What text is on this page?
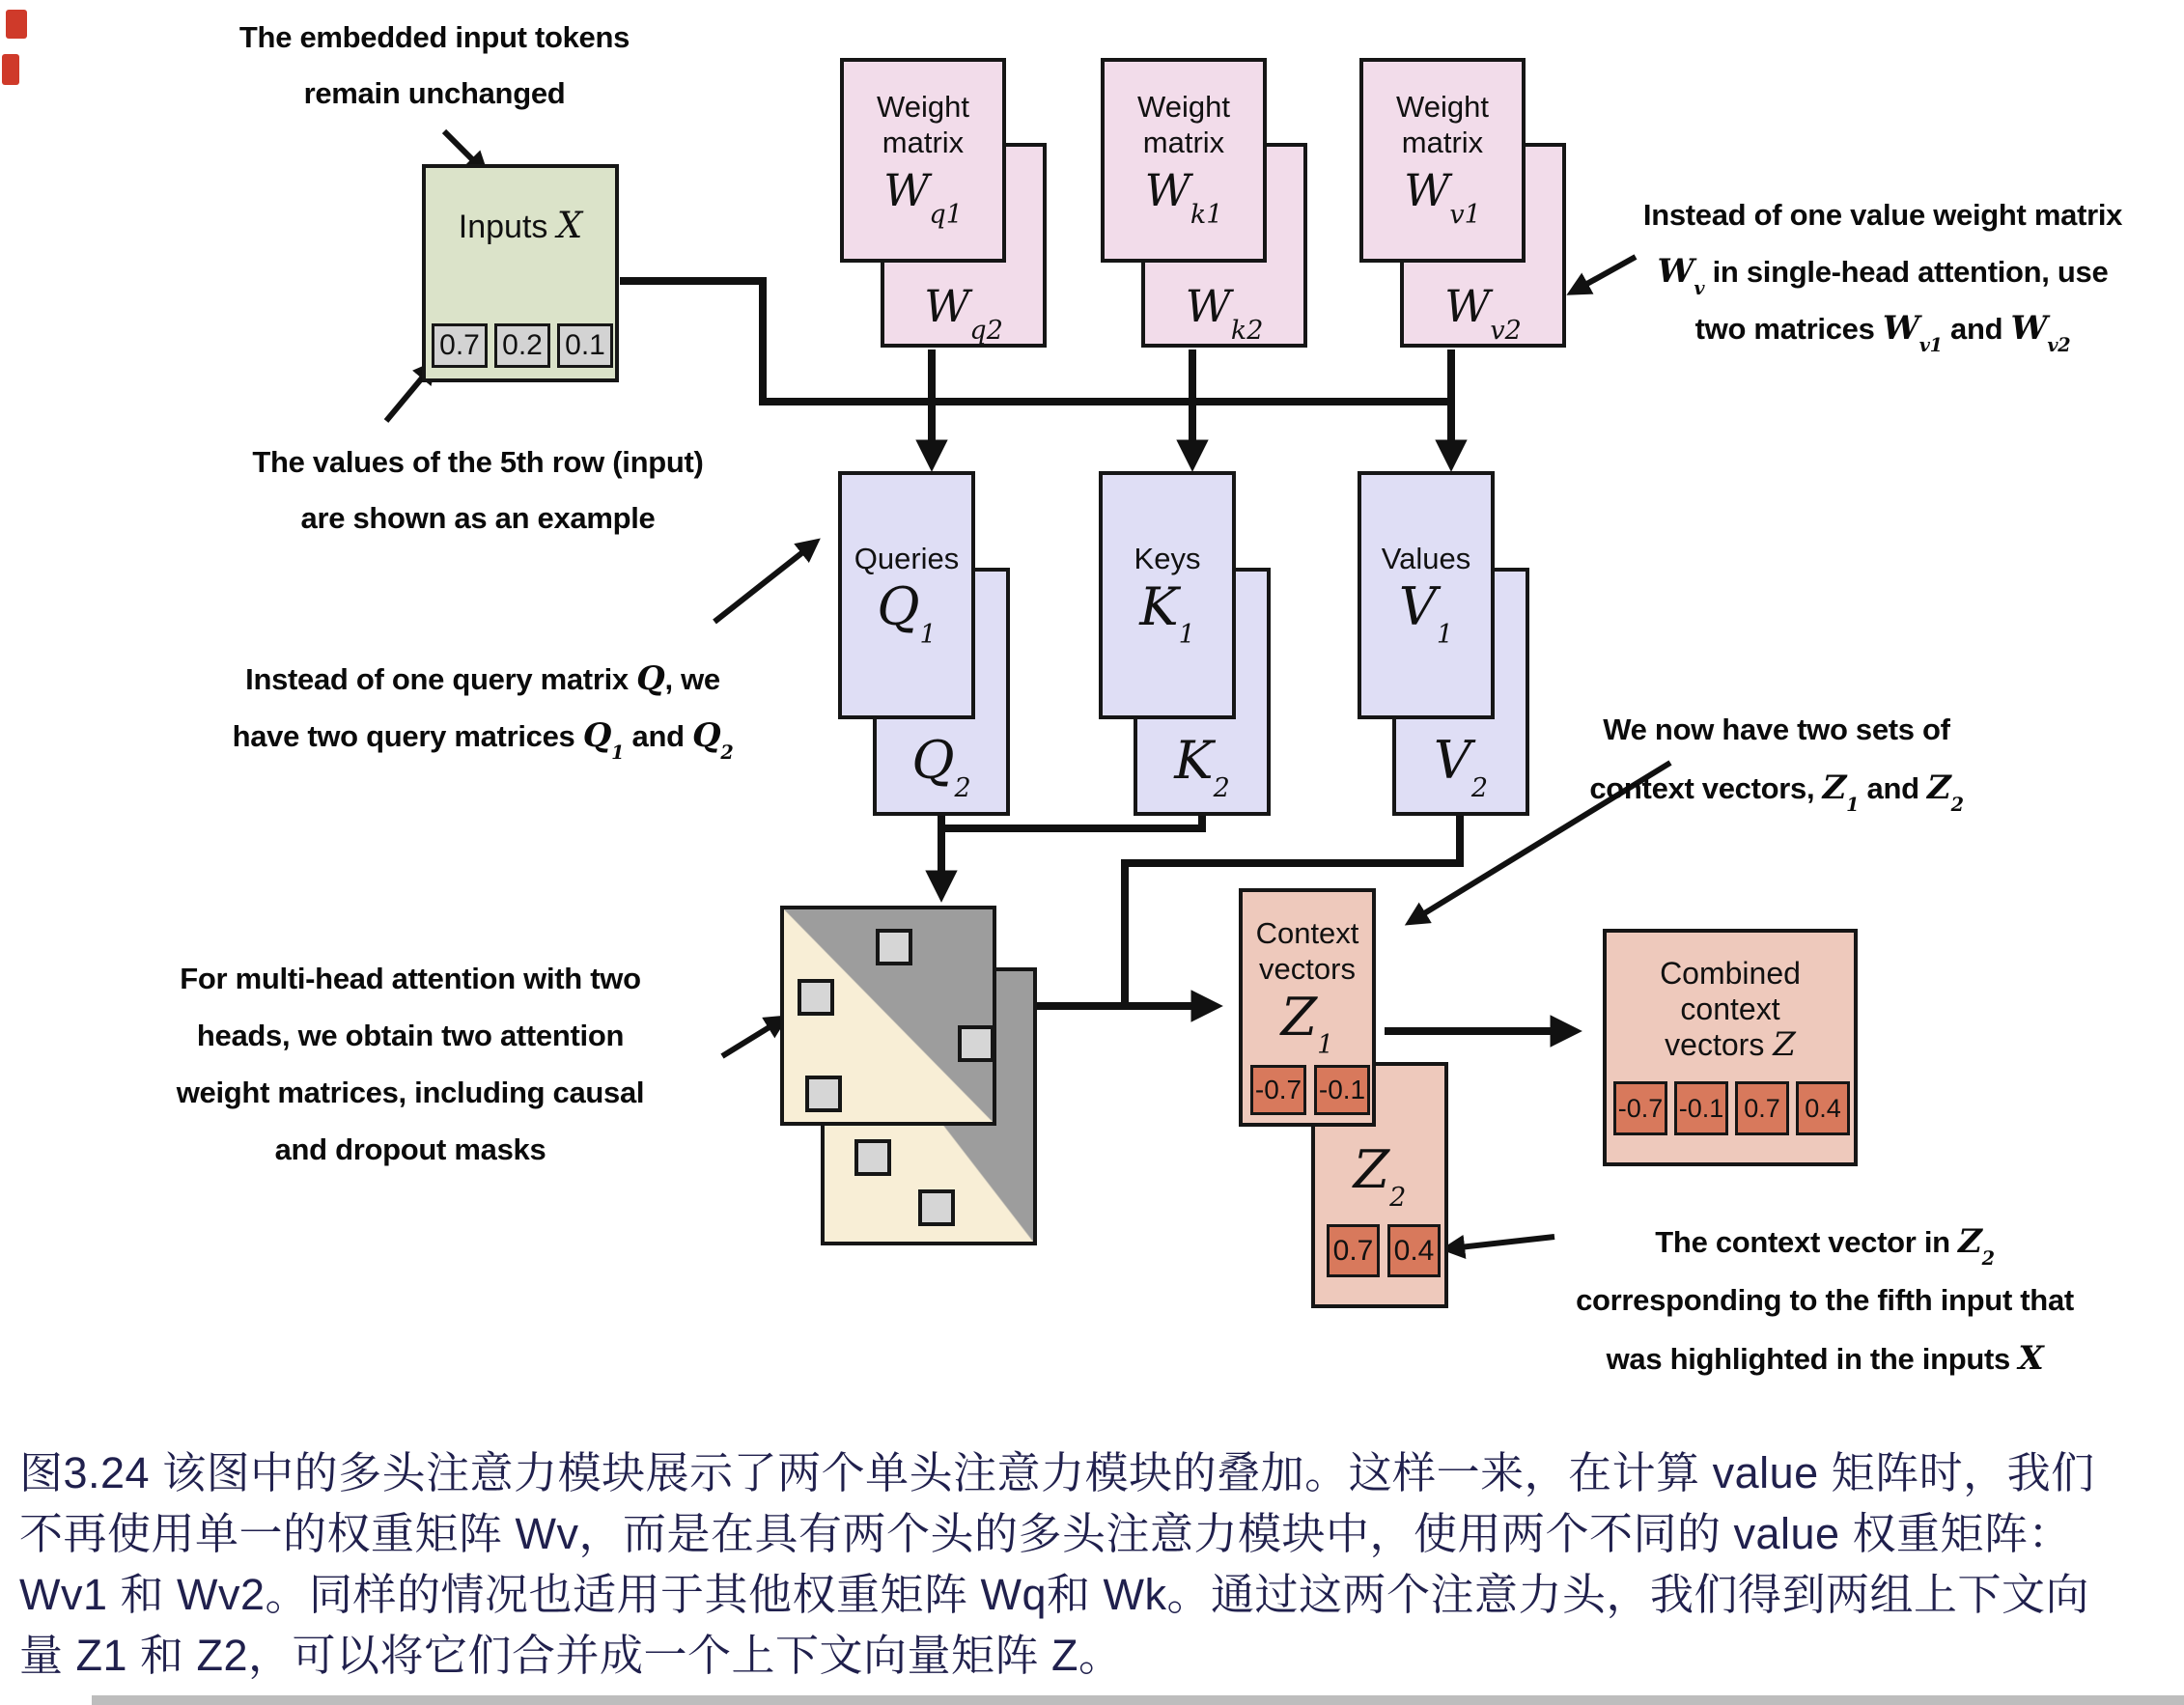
The embedded input tokens
remain unchanged
The values of the 5th row (input)
are shown as an example
Instead of one value weight matrix
$W_v$ in single-head attention, use
two matrices $W_{v1}$ and $W_{v2}$
Instead of one query matrix Q, we
have two query matrices $Q_1$ and $Q_2$
For multi-head attention with two
heads, we obtain two attention
weight matrices, including causal
and dropout masks
We now have two sets of
context vectors, $Z_1$ and $Z_2$
The context vector in $Z_2$
corresponding to the fifth input that
was highlighted in the inputs X
Inputs X
0.7 0.2 0.1
$W_{q2}$
Weight
matrix
$W_{q1}$
$W_{k2}$
Weight
matrix
$W_{k1}$
$W_{v2}$
Weight
matrix
$W_{v1}$
$Q_2$
Queries
$Q_1$
$K_2$
Keys
$K_1$
$V_2$
Values
$V_1$
$Z_2$
0.7 0.4
Context
vectors
$Z_1$
-0.7 -0.1
Combined
context
vectors Z
-0.7 -0.1 0.7 0.4
图3.24 该图中的多头注意力模块展示了两个单头注意力模块的叠加。这样一来，在计算 value 矩阵时，我们
不再使用单一的权重矩阵 Wv，而是在具有两个头的多头注意力模块中，使用两个不同的 value 权重矩阵：
Wv1 和 Wv2。同样的情况也适用于其他权重矩阵 Wq和 Wk。通过这两个注意力头，我们得到两组上下文向
量 Z1 和 Z2，可以将它们合并成一个上下文向量矩阵 Z。
